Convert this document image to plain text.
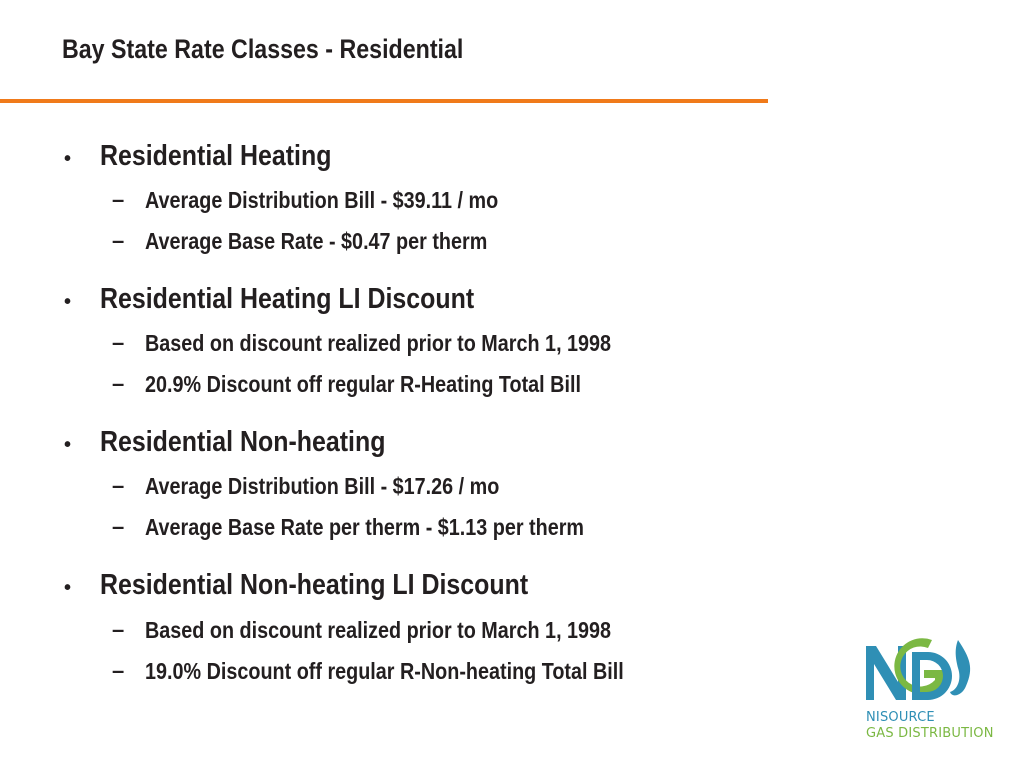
Bay State Rate Classes - Residential
• Residential Heating
– Average Distribution Bill - $39.11 / mo
– Average Base Rate - $0.47 per therm
• Residential Heating LI Discount
– Based on discount realized prior to March 1, 1998
– 20.9% Discount off regular R-Heating Total Bill
• Residential Non-heating
– Average Distribution Bill - $17.26 / mo
– Average Base Rate per therm - $1.13 per therm
• Residential Non-heating LI Discount
– Based on discount realized prior to March 1, 1998
– 19.0% Discount off regular R-Non-heating Total Bill
NISOURCE
GAS DISTRIBUTION
